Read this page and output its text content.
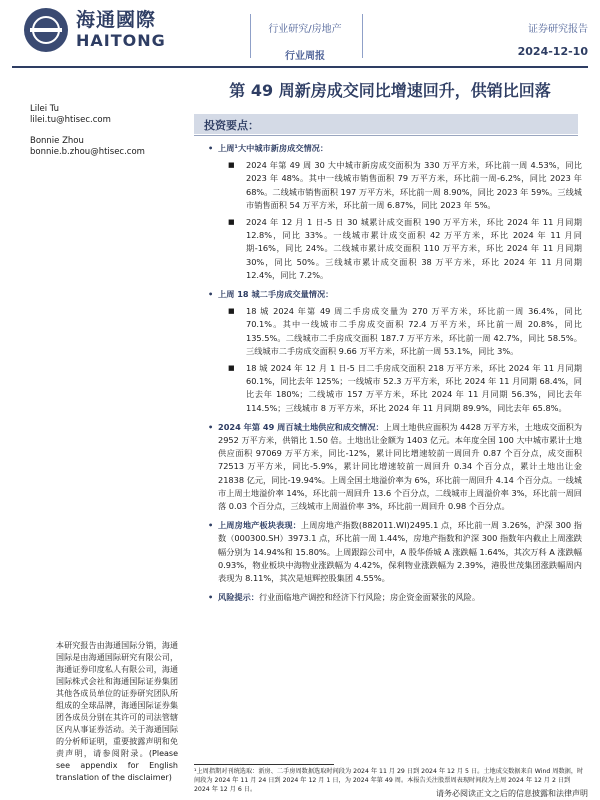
海通國際
HAITONG
行业研究/房地产
行业周报
证券研究报告
2024-12-10
第 49 周新房成交同比增速回升，供销比回落
Lilei Tu
lilei.tu@htisec.com
Bonnie Zhou
bonnie.b.zhou@htisec.com
投资要点：
• 上周¹大中城市新房成交情况：
■ 2024 年第 49 周 30 大中城市新房成交面积为 330 万平方米，环比前一周 4.53%，同比 2023 年 48%。其中一线城市销售面积 79 万平方米，环比前一周-6.2%，同比 2023 年 68%。二线城市销售面积 197 万平方米，环比前一周 8.90%，同比 2023 年 59%。三线城市销售面积 54 万平方米，环比前一周 6.87%，同比 2023 年 5%。
■ 2024 年 12 月 1 日-5 日 30 城累计成交面积 190 万平方米，环比 2024 年 11 月同期 12.8%，同比 33%。一线城市累计成交面积 42 万平方米，环比 2024 年 11 月同期-16%，同比 24%。二线城市累计成交面积 110 万平方米，环比 2024 年 11 月同期 30%，同比 50%。三线城市累计成交面积 38 万平方米，环比 2024 年 11 月同期 12.4%，同比 7.2%。
• 上周 18 城二手房成交量情况：
■ 18 城 2024 年第 49 周二手房成交量为 270 万平方米，环比前一周 36.4%，同比 70.1%。其中一线城市二手房成交面积 72.4 万平方米，环比前一周 20.8%，同比 135.5%。二线城市二手房成交面积 187.7 万平方米，环比前一周 42.7%，同比 58.5%。三线城市二手房成交面积 9.66 万平方米，环比前一周 53.1%，同比 3%。
■ 18 城 2024 年 12 月 1 日-5 日二手房成交面积 218 万平方米，环比 2024 年 11 月同期 60.1%，同比去年 125%；一线城市 52.3 万平方米，环比 2024 年 11 月同期 68.4%，同比去年 180%；二线城市 157 万平方米，环比 2024 年 11 月同期 56.3%，同比去年 114.5%；三线城市 8 万平方米，环比 2024 年 11 月同期 89.9%，同比去年 65.8%。
• 2024 年第 49 周百城土地供应和成交情况：上周土地供应面积为 4428 万平方米，土地成交面积为 2952 万平方米，供销比 1.50 倍。土地出让金额为 1403 亿元。本年度全国 100 大中城市累计土地供应面积 97069 万平方米，同比-12%，累计同比增速较前一周回升 0.87 个百分点，成交面积 72513 万平方米，同比-5.9%，累计同比增速较前一周回升 0.34 个百分点，累计土地出让金 21838 亿元，同比-19.94%。上周全国土地溢价率为 6%，环比前一周回升 4.14 个百分点。一线城市上周土地溢价率 14%，环比前一周回升 13.6 个百分点，二线城市上周溢价率 3%，环比前一周回落 0.03 个百分点，三线城市上周溢价率 3%，环比前一周回升 0.98 个百分点。
• 上周房地产板块表现：上周房地产指数(882011.WI)2495.1 点，环比前一周 3.26%，沪深 300 指数（000300.SH）3973.1 点，环比前一周 1.44%，房地产指数和沪深 300 指数年内截止上周涨跌幅分别为 14.94%和 15.80%。上周跟踪公司中，A 股华侨城 A 涨跌幅 1.64%，其次万科 A 涨跌幅 0.93%，物业板块中海物业涨跌幅为 4.42%，保利物业涨跌幅为 2.39%，港股世茂集团涨跌幅周内表现为 8.11%，其次是旭辉控股集团 4.55%。
• 风险提示：行业面临地产调控和经济下行风险；房企资金面紧张的风险。
本研究报告由海通国际分销，海通国际是由海通国际研究有限公司，海通证券印度私人有限公司，海通国际株式会社和海通国际证券集团其他各成员单位的证券研究团队所组成的全球品牌，海通国际证券集团各成员分别在其许可的司法管辖区内从事证券活动。关于海通国际的分析师证明，重要披露声明和免责声明，请参阅附录。(Please see appendix for English translation of the disclaimer)
¹上周指期对刊统选取：新房、二手房周数据选取时间段为 2024 年 11 月 29 日到 2024 年 12 月 5 日。土地成交数据来自 Wind 周数据，时间段为 2024 年 11 月 24 日到 2024 年 12 月 1 日，为 2024 年第 49 周。本报告关注股票周表现时间段为上周 2024 年 12 月 2 日到 2024 年 12 月 6 日。	请务必阅读正文之后的信息披露和法律声明
